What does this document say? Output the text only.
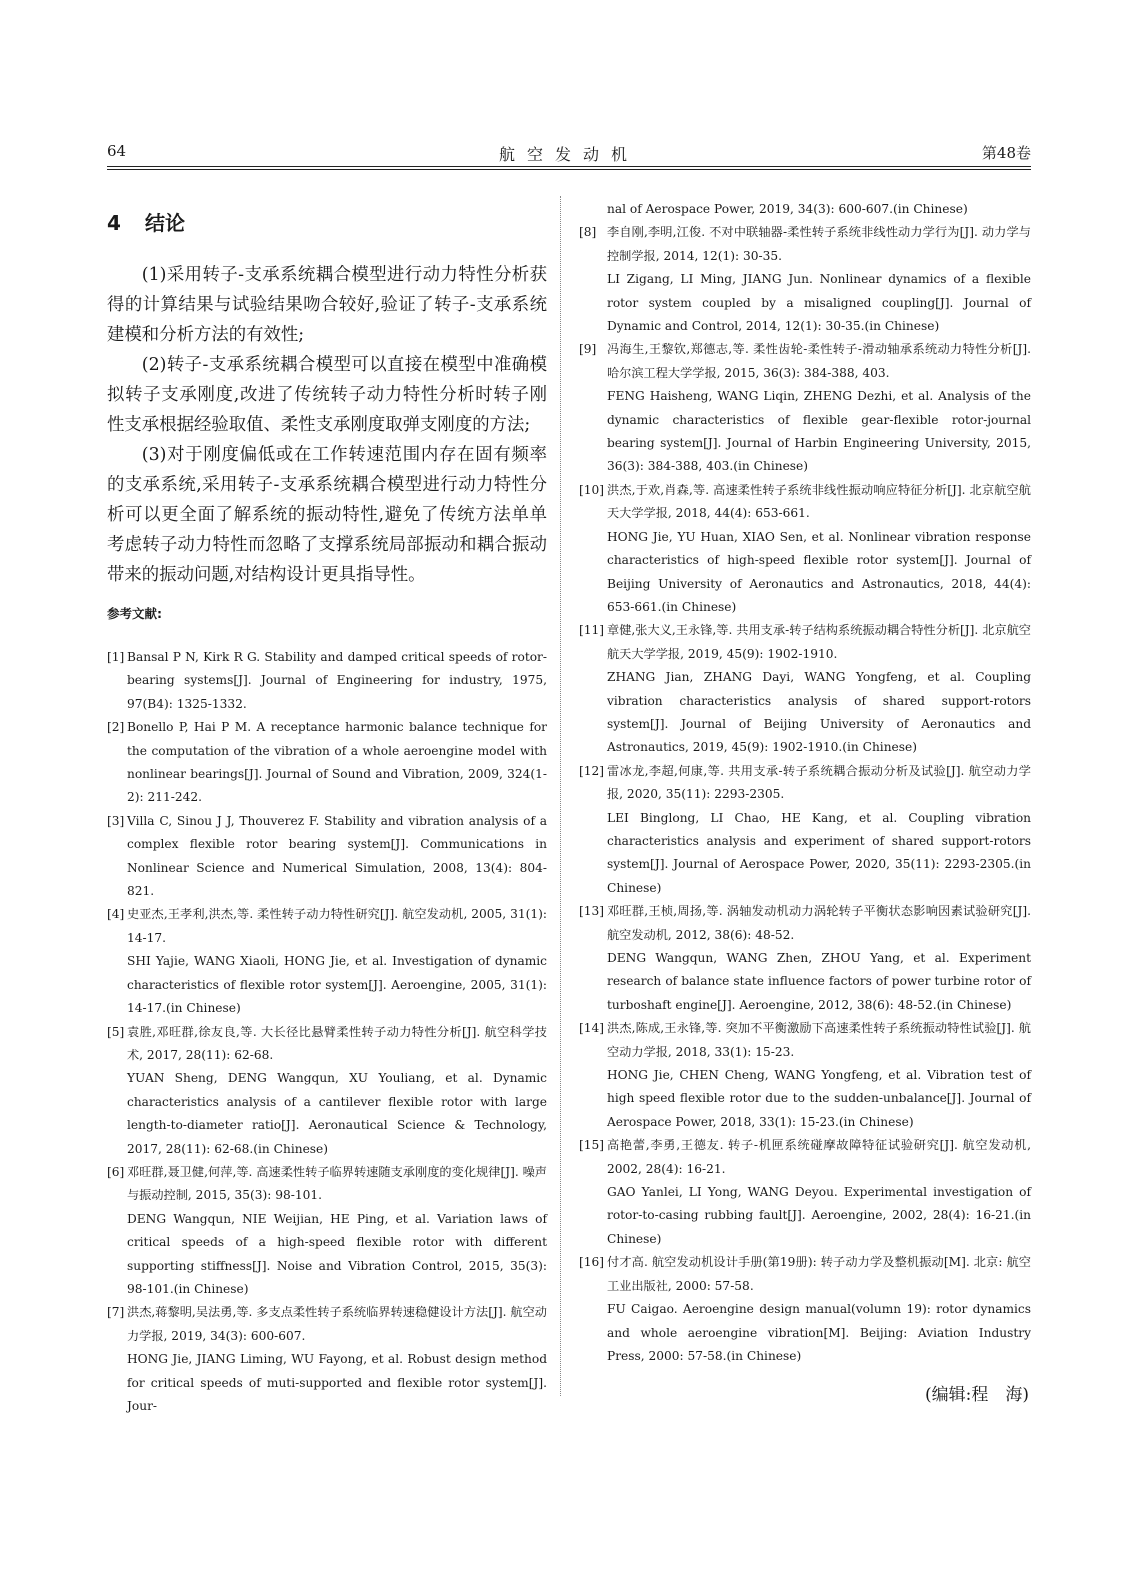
64	航空发动机	第48卷
4 结论

(1)采用转子-支承系统耦合模型进行动力特性分析获得的计算结果与试验结果吻合较好,验证了转子-支承系统建模和分析方法的有效性;

(2)转子-支承系统耦合模型可以直接在模型中准确模拟转子支承刚度,改进了传统转子动力特性分析时转子刚性支承根据经验取值、柔性支承刚度取弹支刚度的方法;

(3)对于刚度偏低或在工作转速范围内存在固有频率的支承系统,采用转子-支承系统耦合模型进行动力特性分析可以更全面了解系统的振动特性,避免了传统方法单单考虑转子动力特性而忽略了支撑系统局部振动和耦合振动带来的振动问题,对结构设计更具指导性。

参考文献:

[1] Bansal P N, Kirk R G. Stability and damped critical speeds of rotor-bearing systems[J]. Journal of Engineering for industry, 1975, 97(B4): 1325-1332.

[2] Bonello P, Hai P M. A receptance harmonic balance technique for the computation of the vibration of a whole aeroengine model with nonlinear bearings[J]. Journal of Sound and Vibration, 2009, 324(1-2): 211-242.

[3] Villa C, Sinou J J, Thouverez F. Stability and vibration analysis of a complex flexible rotor bearing system[J]. Communications in Nonlinear Science and Numerical Simulation, 2008, 13(4): 804-821.

[4] 史亚杰,王孝利,洪杰,等. 柔性转子动力特性研究[J]. 航空发动机, 2005, 31(1): 14-17.
SHI Yajie, WANG Xiaoli, HONG Jie, et al. Investigation of dynamic characteristics of flexible rotor system[J]. Aeroengine, 2005, 31(1): 14-17.(in Chinese)

[5] 袁胜,邓旺群,徐友良,等. 大长径比悬臂柔性转子动力特性分析[J]. 航空科学技术, 2017, 28(11): 62-68.
YUAN Sheng, DENG Wangqun, XU Youliang, et al. Dynamic characteristics analysis of a cantilever flexible rotor with large length-to-diameter ratio[J]. Aeronautical Science & Technology, 2017, 28(11): 62-68.(in Chinese)

[6] 邓旺群,聂卫健,何萍,等. 高速柔性转子临界转速随支承刚度的变化规律[J]. 噪声与振动控制, 2015, 35(3): 98-101.
DENG Wangqun, NIE Weijian, HE Ping, et al. Variation laws of critical speeds of a high-speed flexible rotor with different supporting stiffness[J]. Noise and Vibration Control, 2015, 35(3): 98-101.(in Chinese)

[7] 洪杰,蒋黎明,吴法勇,等. 多支点柔性转子系统临界转速稳健设计方法[J]. 航空动力学报, 2019, 34(3): 600-607.
HONG Jie, JIANG Liming, WU Fayong, et al. Robust design method for critical speeds of muti-supported and flexible rotor system[J]. Jour-

nal of Aerospace Power, 2019, 34(3): 600-607.(in Chinese)

[8] 李自刚,李明,江俊. 不对中联轴器-柔性转子系统非线性动力学行为[J]. 动力学与控制学报, 2014, 12(1): 30-35.
LI Zigang, LI Ming, JIANG Jun. Nonlinear dynamics of a flexible rotor system coupled by a misaligned coupling[J]. Journal of Dynamic and Control, 2014, 12(1): 30-35.(in Chinese)

[9] 冯海生,王黎钦,郑德志,等. 柔性齿轮-柔性转子-滑动轴承系统动力特性分析[J]. 哈尔滨工程大学学报, 2015, 36(3): 384-388, 403.
FENG Haisheng, WANG Liqin, ZHENG Dezhi, et al. Analysis of the dynamic characteristics of flexible gear-flexible rotor-journal bearing system[J]. Journal of Harbin Engineering University, 2015, 36(3): 384-388, 403.(in Chinese)

[10] 洪杰,于欢,肖森,等. 高速柔性转子系统非线性振动响应特征分析[J]. 北京航空航天大学学报, 2018, 44(4): 653-661.
HONG Jie, YU Huan, XIAO Sen, et al. Nonlinear vibration response characteristics of high-speed flexible rotor system[J]. Journal of Beijing University of Aeronautics and Astronautics, 2018, 44(4): 653-661.(in Chinese)

[11] 章健,张大义,王永锋,等. 共用支承-转子结构系统振动耦合特性分析[J]. 北京航空航天大学学报, 2019, 45(9): 1902-1910.
ZHANG Jian, ZHANG Dayi, WANG Yongfeng, et al. Coupling vibration characteristics analysis of shared support-rotors system[J]. Journal of Beijing University of Aeronautics and Astronautics, 2019, 45(9): 1902-1910.(in Chinese)

[12] 雷冰龙,李超,何康,等. 共用支承-转子系统耦合振动分析及试验[J]. 航空动力学报, 2020, 35(11): 2293-2305.
LEI Binglong, LI Chao, HE Kang, et al. Coupling vibration characteristics analysis and experiment of shared support-rotors system[J]. Journal of Aerospace Power, 2020, 35(11): 2293-2305.(in Chinese)

[13] 邓旺群,王桢,周扬,等. 涡轴发动机动力涡轮转子平衡状态影响因素试验研究[J]. 航空发动机, 2012, 38(6): 48-52.
DENG Wangqun, WANG Zhen, ZHOU Yang, et al. Experiment research of balance state influence factors of power turbine rotor of turboshaft engine[J]. Aeroengine, 2012, 38(6): 48-52.(in Chinese)

[14] 洪杰,陈成,王永锋,等. 突加不平衡激励下高速柔性转子系统振动特性试验[J]. 航空动力学报, 2018, 33(1): 15-23.
HONG Jie, CHEN Cheng, WANG Yongfeng, et al. Vibration test of high speed flexible rotor due to the sudden-unbalance[J]. Journal of Aerospace Power, 2018, 33(1): 15-23.(in Chinese)

[15] 高艳蕾,李勇,王德友. 转子-机匣系统碰摩故障特征试验研究[J]. 航空发动机, 2002, 28(4): 16-21.
GAO Yanlei, LI Yong, WANG Deyou. Experimental investigation of rotor-to-casing rubbing fault[J]. Aeroengine, 2002, 28(4): 16-21.(in Chinese)

[16] 付才高. 航空发动机设计手册(第19册): 转子动力学及整机振动[M]. 北京: 航空工业出版社, 2000: 57-58.
FU Caigao. Aeroengine design manual(volumn 19): rotor dynamics and whole aeroengine vibration[M]. Beijing: Aviation Industry Press, 2000: 57-58.(in Chinese)

(编辑:程　海)
